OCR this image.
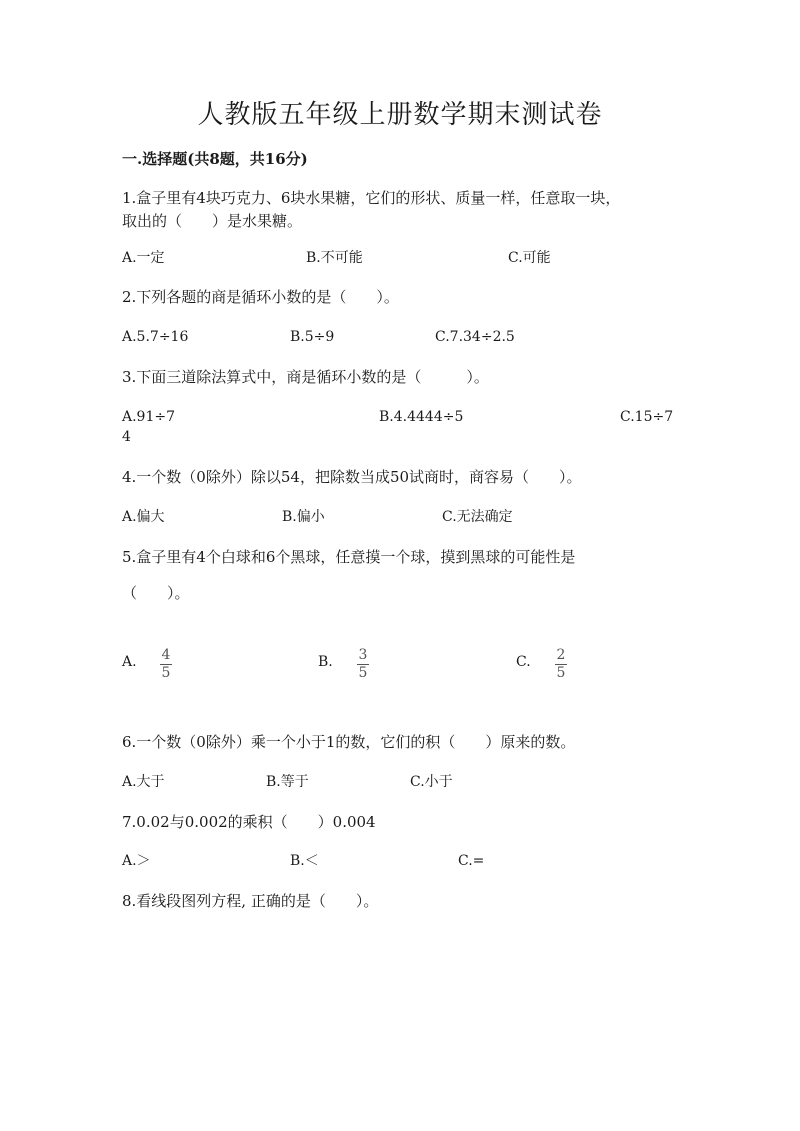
人教版五年级上册数学期末测试卷
一.选择题(共8题，共16分)
1.盒子里有4块巧克力、6块水果糖，它们的形状、质量一样，任意取一块，
取出的（　　）是水果糖。
A.一定	B.不可能	C.可能
2.下列各题的商是循环小数的是（　　）。
A.5.7÷16	B.5÷9	C.7.34÷2.5
3.下面三道除法算式中，商是循环小数的是（　　　）。
A.91÷7	B.4.4444÷5	C.15÷7
4
4.一个数（0除外）除以54，把除数当成50试商时，商容易（　　）。
A.偏大	B.偏小	C.无法确定
5.盒子里有4个白球和6个黑球，任意摸一个球，摸到黑球的可能性是
（　　）。
A. 4
5
B. 3
5
C. 2
5
6.一个数（0除外）乘一个小于1的数，它们的积（　　）原来的数。
A.大于	B.等于	C.小于
7.0.02与0.002的乘积（　　）0.004
A.＞	B.＜	C.=
8.看线段图列方程, 正确的是（　　）。
